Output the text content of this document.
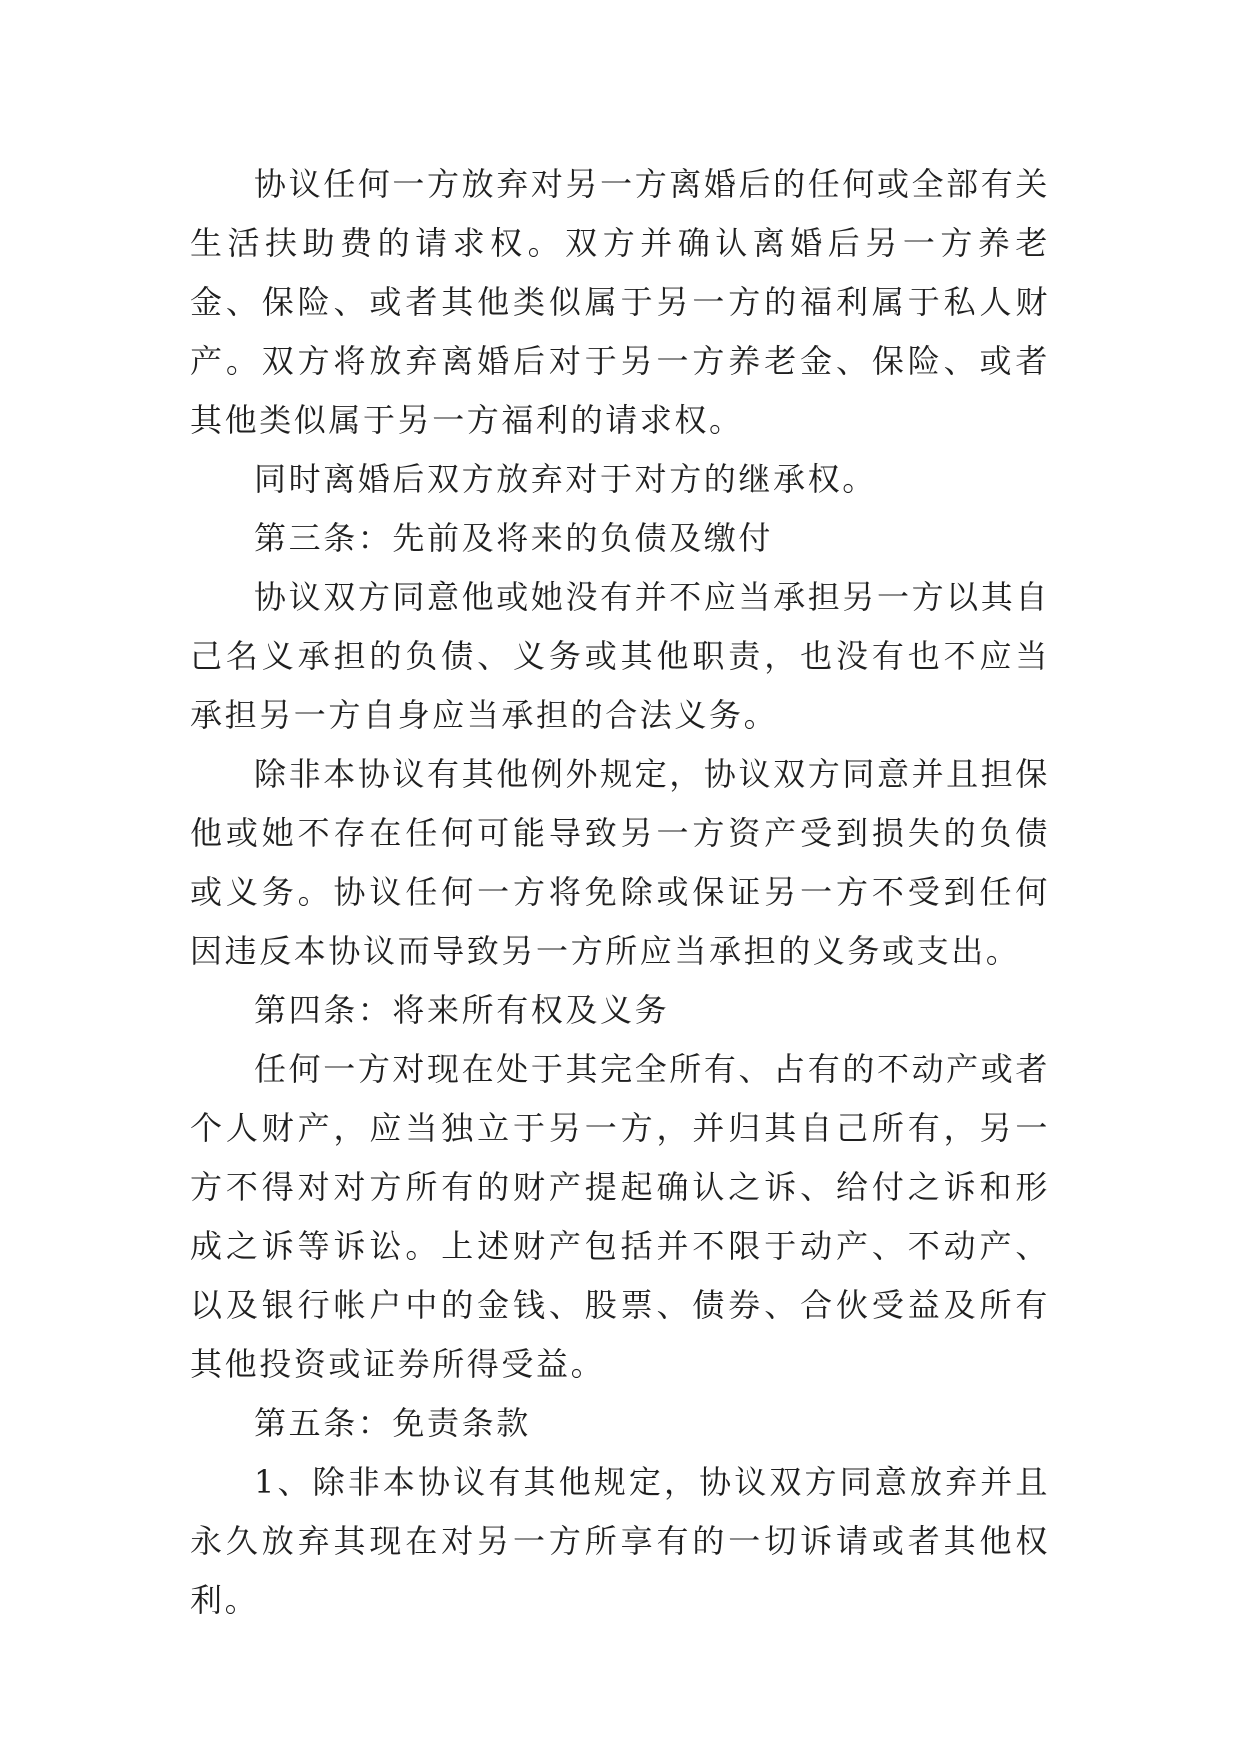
协议任何一方放弃对另一方离婚后的任何或全部有关生活扶助费的请求权。双方并确认离婚后另一方养老金、保险、或者其他类似属于另一方的福利属于私人财产。双方将放弃离婚后对于另一方养老金、保险、或者其他类似属于另一方福利的请求权。

同时离婚后双方放弃对于对方的继承权。

第三条：先前及将来的负债及缴付

协议双方同意他或她没有并不应当承担另一方以其自己名义承担的负债、义务或其他职责，也没有也不应当承担另一方自身应当承担的合法义务。

除非本协议有其他例外规定，协议双方同意并且担保他或她不存在任何可能导致另一方资产受到损失的负债或义务。协议任何一方将免除或保证另一方不受到任何因违反本协议而导致另一方所应当承担的义务或支出。

第四条：将来所有权及义务

任何一方对现在处于其完全所有、占有的不动产或者个人财产，应当独立于另一方，并归其自己所有，另一方不得对对方所有的财产提起确认之诉、给付之诉和形成之诉等诉讼。上述财产包括并不限于动产、不动产、以及银行帐户中的金钱、股票、债券、合伙受益及所有其他投资或证券所得受益。

第五条：免责条款

1、除非本协议有其他规定，协议双方同意放弃并且永久放弃其现在对另一方所享有的一切诉请或者其他权利。
